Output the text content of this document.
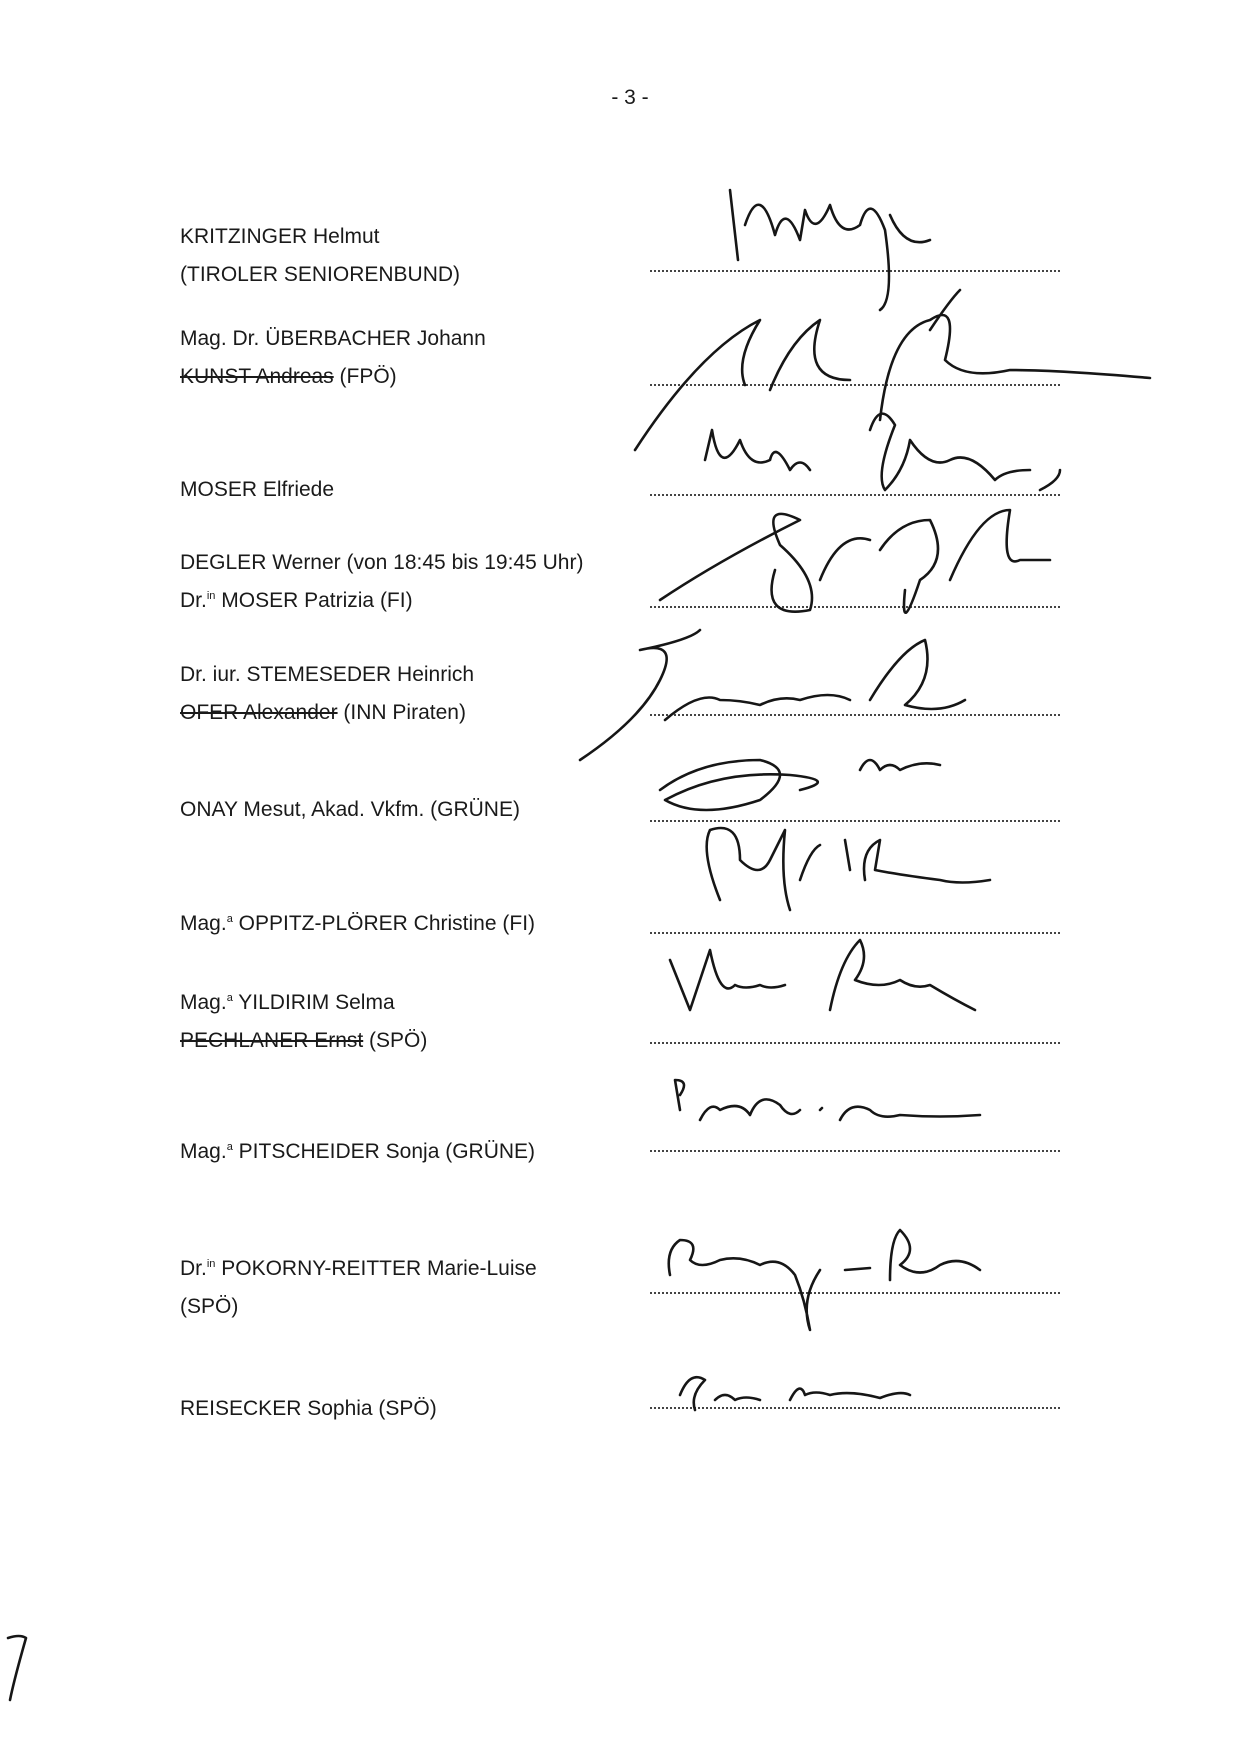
- 3 -
KRITZINGER Helmut
(TIROLER SENIORENBUND)
Mag. Dr. ÜBERBACHER Johann
KUNST Andreas (FPÖ)
MOSER Elfriede
DEGLER Werner (von 18:45 bis 19:45 Uhr)
Dr.$^{in}$ MOSER Patrizia (FI)
Dr. iur. STEMESEDER Heinrich
OFER Alexander (INN Piraten)
ONAY Mesut, Akad. Vkfm. (GRÜNE)
Mag.$^a$ OPPITZ-PLÖRER Christine (FI)
Mag.$^a$ YILDIRIM Selma
PECHLANER Ernst (SPÖ)
Mag.$^a$ PITSCHEIDER Sonja (GRÜNE)
Dr.$^{in}$ POKORNY-REITTER Marie-Luise
(SPÖ)
REISECKER Sophia (SPÖ)
